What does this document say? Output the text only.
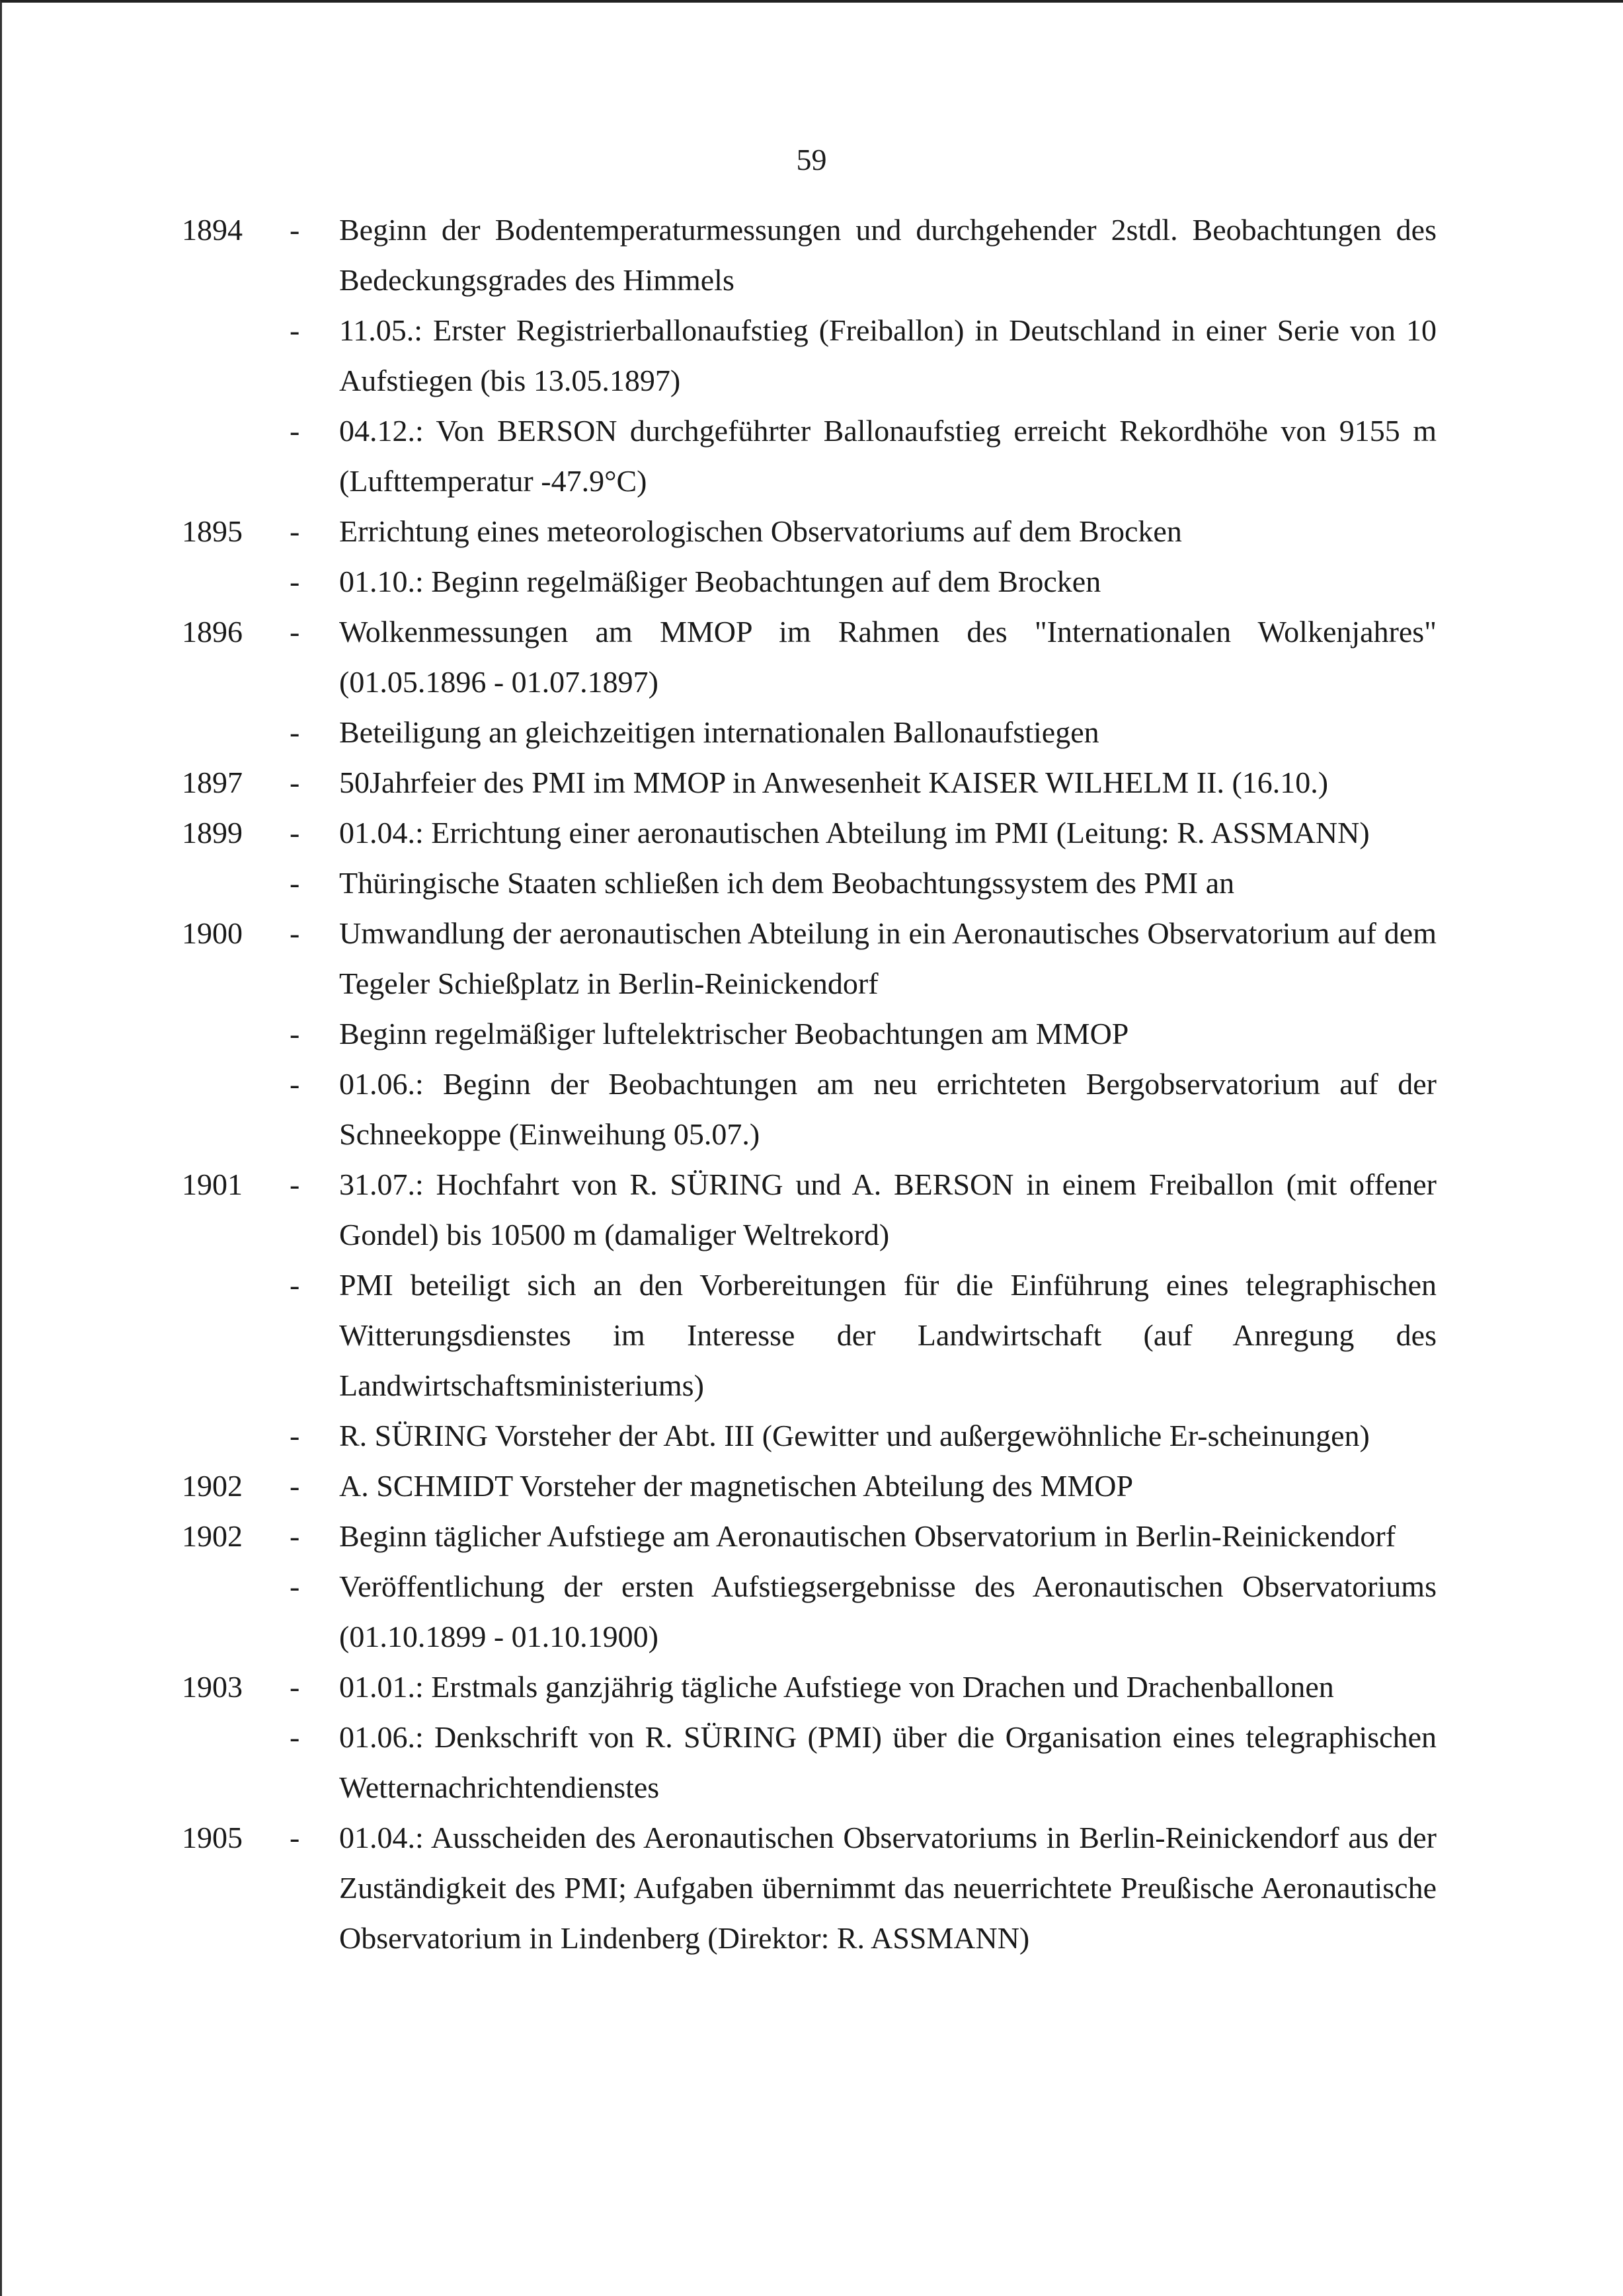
59
1894 - Beginn der Bodentemperaturmessungen und durchgehender 2stdl. Beobachtungen des Bedeckungsgrades des Himmels
- 11.05.: Erster Registrierballonaufstieg (Freiballon) in Deutschland in einer Serie von 10 Aufstiegen (bis 13.05.1897)
- 04.12.: Von BERSON durchgeführter Ballonaufstieg erreicht Rekordhöhe von 9155 m (Lufttemperatur -47.9°C)
1895 - Errichtung eines meteorologischen Observatoriums auf dem Brocken
- 01.10.: Beginn regelmäßiger Beobachtungen auf dem Brocken
1896 - Wolkenmessungen am MMOP im Rahmen des "Internationalen Wolkenjahres" (01.05.1896 - 01.07.1897)
- Beteiligung an gleichzeitigen internationalen Ballonaufstiegen
1897 - 50Jahrfeier des PMI im MMOP in Anwesenheit KAISER WILHELM II. (16.10.)
1899 - 01.04.: Errichtung einer aeronautischen Abteilung im PMI (Leitung: R. ASSMANN)
- Thüringische Staaten schließen ich dem Beobachtungssystem des PMI an
1900 - Umwandlung der aeronautischen Abteilung in ein Aeronautisches Observatorium auf dem Tegeler Schießplatz in Berlin-Reinickendorf
- Beginn regelmäßiger luftelektrischer Beobachtungen am MMOP
- 01.06.: Beginn der Beobachtungen am neu errichteten Bergobservatorium auf der Schneekoppe (Einweihung 05.07.)
1901 - 31.07.: Hochfahrt von R. SÜRING und A. BERSON in einem Freiballon (mit offener Gondel) bis 10500 m (damaliger Weltrekord)
- PMI beteiligt sich an den Vorbereitungen für die Einführung eines telegraphischen Witterungsdienstes im Interesse der Landwirtschaft (auf Anregung des Landwirtschaftsministeriums)
- R. SÜRING Vorsteher der Abt. III (Gewitter und außergewöhnliche Er-scheinungen)
1902 - A. SCHMIDT Vorsteher der magnetischen Abteilung des MMOP
1902 - Beginn täglicher Aufstiege am Aeronautischen Observatorium in Berlin-Reinickendorf
- Veröffentlichung der ersten Aufstiegsergebnisse des Aeronautischen Observatoriums (01.10.1899 - 01.10.1900)
1903 - 01.01.: Erstmals ganzjährig tägliche Aufstiege von Drachen und Drachenballonen
- 01.06.: Denkschrift von R. SÜRING (PMI) über die Organisation eines telegraphischen Wetternachrichtendienstes
1905 - 01.04.: Ausscheiden des Aeronautischen Observatoriums in Berlin-Reinickendorf aus der Zuständigkeit des PMI; Aufgaben übernimmt das neuerrichtete Preußische Aeronautische Observatorium in Lindenberg (Direktor: R. ASSMANN)
